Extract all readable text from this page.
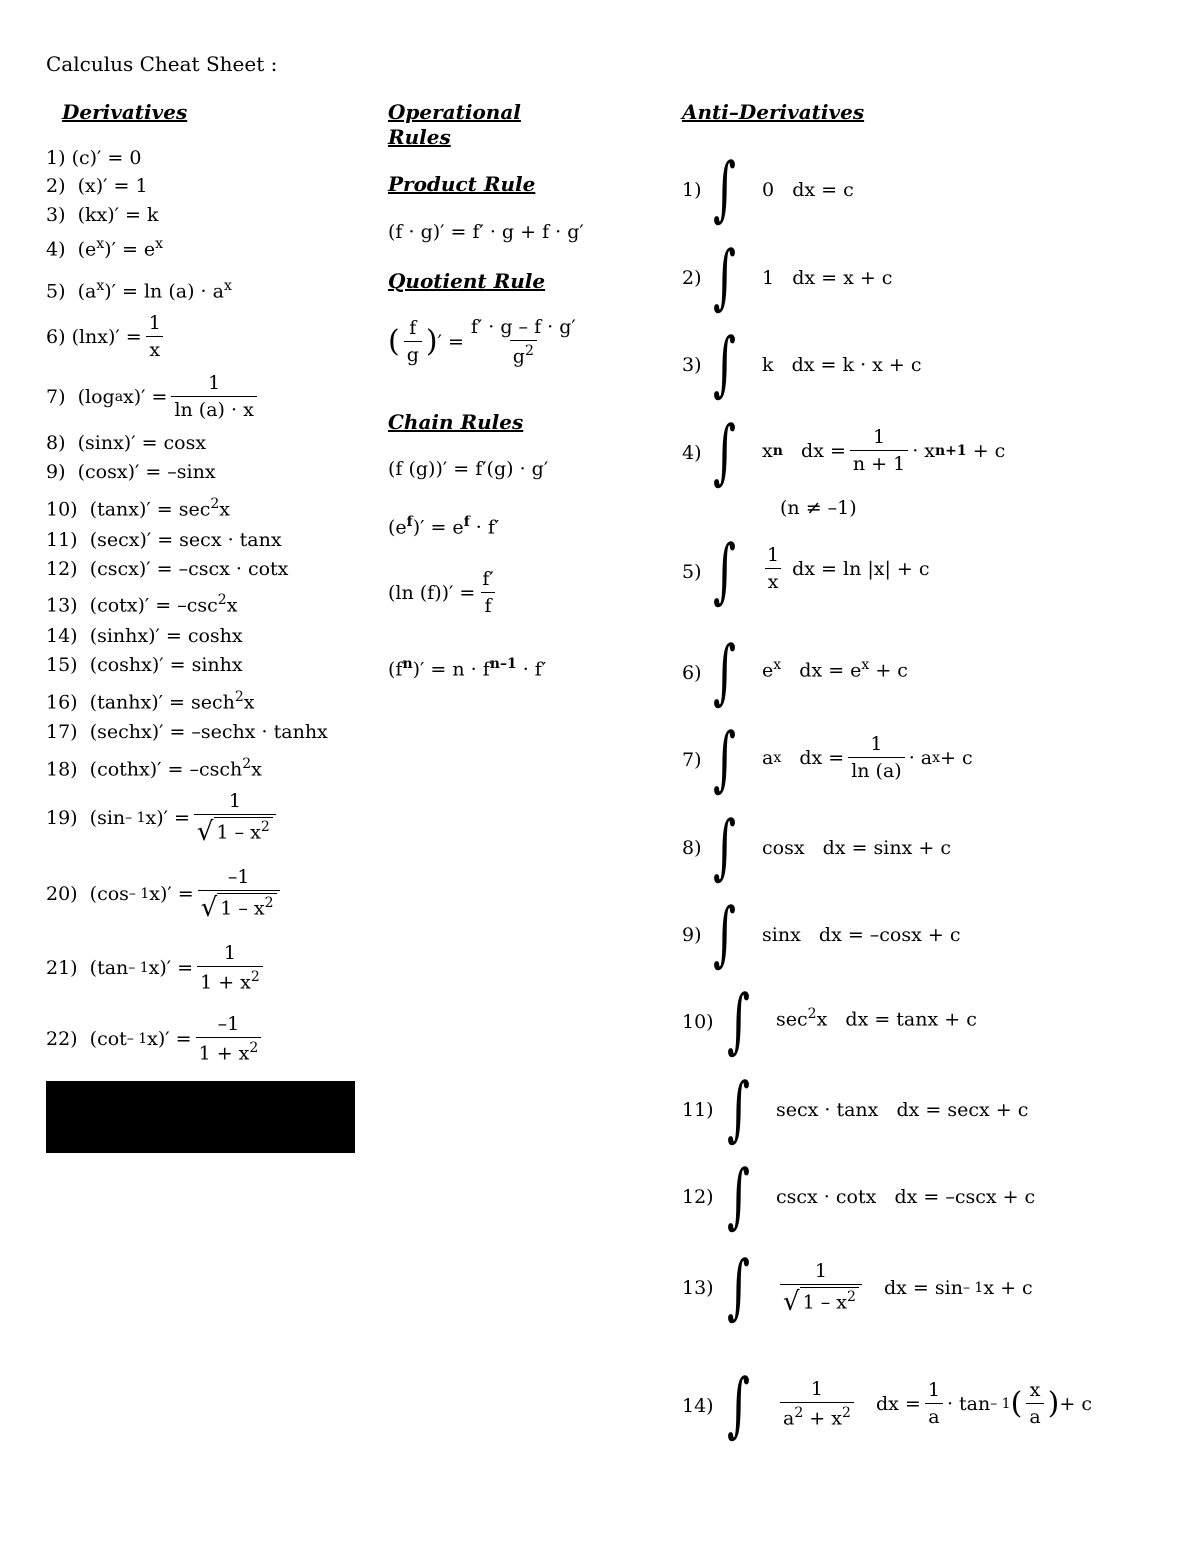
Calculus Cheat Sheet :
Derivatives	Operational
Rules
Anti–Derivatives
1) (c)′ = 0
2) (x)′ = 1
3) (kx)′ = k
4)  $(e^x)' = e^x$
5)  $(a^x)' = \ln (a) \cdot a^x$
6)
$(\ln x)' = \frac{1}{x}$
7) (log a $x)' = \frac{1}{\ln (a) \cdot x}$
8) (sinx)′ = cosx
9) (cosx)′ = –sinx
10)  $(\tan x)' = \sec^2x$
11) (secx)′ = secx · tanx
12) (cscx)′ = –cscx · cotx
13)  $(\cot x)' = -\csc^2x$
14) (sinhx)′ = coshx
15) (coshx)′ = sinhx
16)  (tanhx)′ = sech$^2$x
17) (sechx)′ = –sechx · tanhx
18)  (cothx)′ = –csch$^2$x
19) (sin – 1 $x)' = \frac{1}{√ 1 - x^2}$
20) (cos – 1 $x)' = \frac{-1}{√ 1 - x^2}$
21) (tan – 1 $x)' = \frac{1}{1 + x^2}$
22) (cot – 1 $x)' = \frac{-1}{1 + x^2}$
Product Rule
(f · g)′ = f′ · g + f · g′
Quotient Rule
( $\frac{f}{g}$ ) ′ = $\frac{f' \cdot g - f \cdot g'}{g^2}$
Chain Rules
(f (g))′ = f′(g) · g′
$(e^f)' = e^f \cdot f'$
(ln $(f))' = \frac{f'}{f}$
$(f^n)' = n \cdot f^{n-1} \cdot f'$
1) ∫ 0 dx = c
2) ∫ 1 dx = x + c
3) ∫ k dx = k · x + c
4) ∫ x n dx = $\frac{1}{n + 1} \cdot x$ n+1 + c
(n ≠ –1)
5) ∫ $\frac{1}{x}$
dx = ln |x| + c
6) ∫ $e^x$   dx = $e^x + c$
7) ∫ a x dx = $\frac{1}{\ln (a)} \cdot a$ x + c
8) ∫ cosx dx = sinx + c
9) ∫ sinx dx = –cosx + c
10) ∫ $\sec^2x$   dx = tanx + c
11) ∫ secx · tanx dx = secx + c
12) ∫ cscx · cotx dx = –cscx + c
13) ∫ $\frac{1}{√ 1 - x^2}$ dx = sin – 1 x + c
14) ∫ $\frac{1}{a^2 + x^2}$ dx = $\frac{1}{a} \cdot \tan - 1$ ( $\frac{x}{a}$ ) + c
